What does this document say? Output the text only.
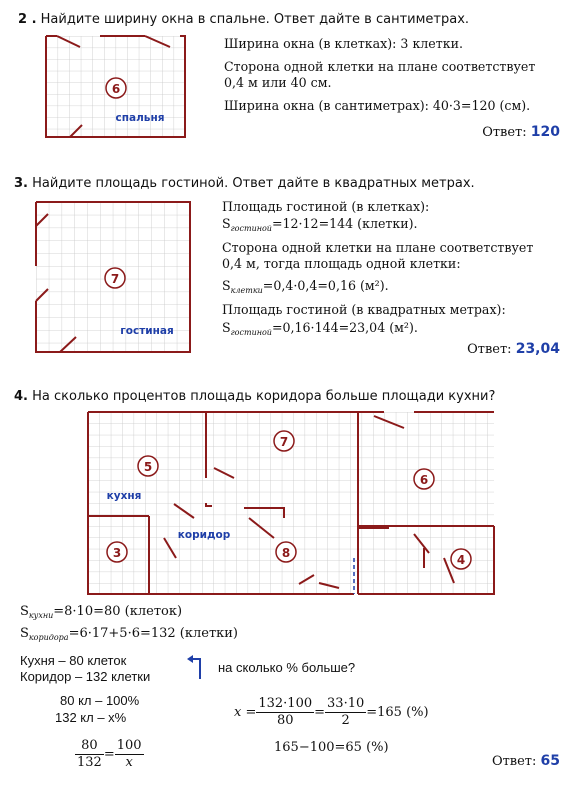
2 . Найдите ширину окна в спальне. Ответ дайте в сантиметрах.
6
спальня
Ширина окна (в клетках): 3 клетки.
Сторона одной клетки на плане соответствует
0,4 м или 40 см.
Ширина окна (в сантиметрах): 40·3=120 (см).
Ответ: 120
3. Найдите площадь гостиной. Ответ дайте в квадратных метрах.
7
гостиная
Площадь гостиной (в клетках):
$S_{гостиной}=12\cdot 12=144$ (клетки).
Сторона одной клетки на плане соответствует
0,4 м, тогда площадь одной клетки:
$S_{клетки}=0,4\cdot 0,4=0,16$ (м²).
Площадь гостиной (в квадратных метрах):
$S_{гостиной}=0,16\cdot 144=23,04$ (м²).
Ответ: 23,04
4. На сколько процентов площадь коридора больше площади кухни?
5
7
6
3	8	4
кухня
коридор
$S_{кухни}=8\cdot 10=80$ (клеток)
$S_{коридора}=6\cdot 17+5\cdot 6=132$ (клетки)
Кухня – 80 клеток
Коридор – 132 клетки
на сколько % больше?
80 кл – 100%
132 кл – x%
$\frac{80}{132} = \frac{100}{x}$
$x = \frac{132\cdot 100}{80} = \frac{33\cdot 10}{2} =165$ (%)
165−100=65 (%)
Ответ: 65
